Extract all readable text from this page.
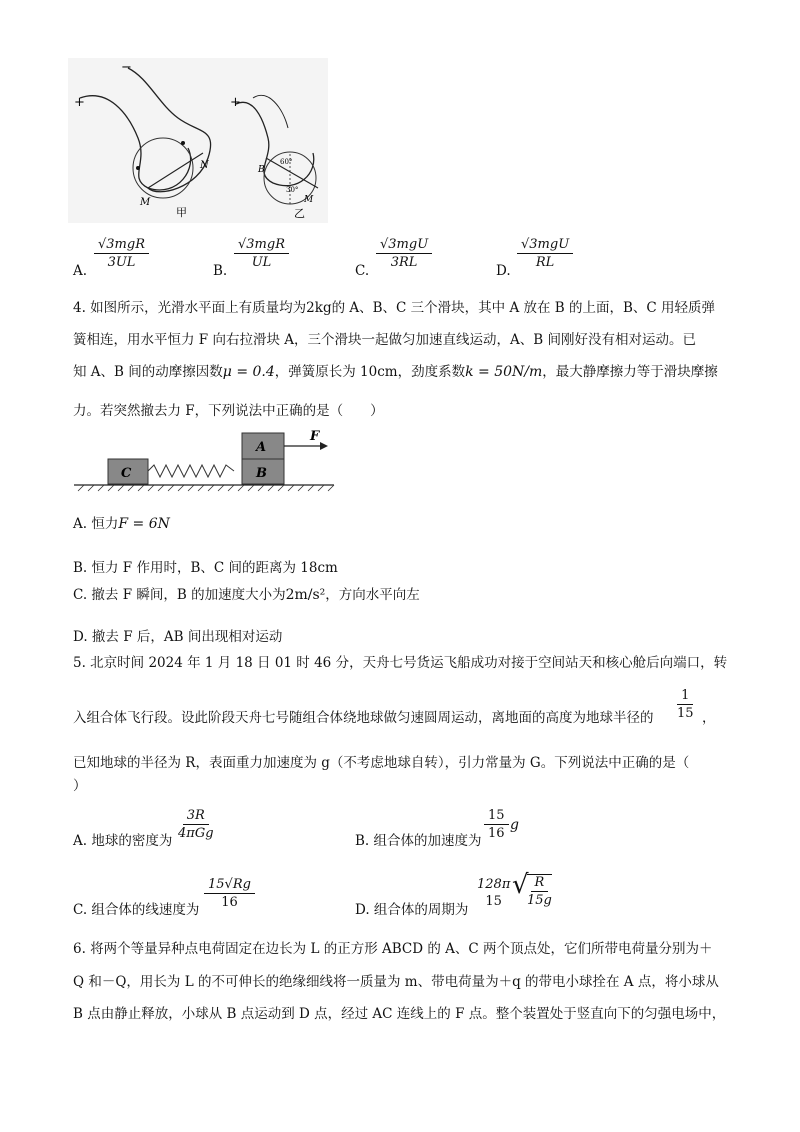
+
−
N
M
甲
+
B
60°
30°
M
乙
A.
√3mgR
3UL
B.
√3mgR
UL
C.
√3mgU
3RL
D.
√3mgU
RL
4. 如图所示，光滑水平面上有质量均为2kg的 A、B、C 三个滑块，其中 A 放在 B 的上面，B、C 用轻质弹
簧相连，用水平恒力 F 向右拉滑块 A，三个滑块一起做匀加速直线运动，A、B 间刚好没有相对运动。已
知 A、B 间的动摩擦因数μ = 0.4，弹簧原长为 10cm，劲度系数k = 50N/m，最大静摩擦力等于滑块摩擦
力。若突然撤去力 F，下列说法中正确的是（　　）
C
A
B
F
A. 恒力F = 6N
B. 恒力 F 作用时，B、C 间的距离为 18cm
C. 撤去 F 瞬间，B 的加速度大小为2m/s²，方向水平向左
D. 撤去 F 后，AB 间出现相对运动
5. 北京时间 2024 年 1 月 18 日 01 时 46 分，天舟七号货运飞船成功对接于空间站天和核心舱后向端口，转
入组合体飞行段。设此阶段天舟七号随组合体绕地球做匀速圆周运动，离地面的高度为地球半径的 $\frac{1}{15}$ ，
已知地球的半径为 R，表面重力加速度为 g（不考虑地球自转），引力常量为 G。下列说法中正确的是（
）
A. 地球的密度为
3R
4πGg	B. 组合体的加速度为 $\frac{15}{16}$ g
C. 组合体的线速度为 $\frac{15√Rg}{16}$	D. 组合体的周期为
128π
15
√
$\frac{R}{15g}$
6. 将两个等量异种点电荷固定在边长为 L 的正方形 ABCD 的 A、C 两个顶点处，它们所带电荷量分别为＋
Q 和－Q，用长为 L 的不可伸长的绝缘细线将一质量为 m、带电荷量为＋q 的带电小球拴在 A 点，将小球从
B 点由静止释放，小球从 B 点运动到 D 点，经过 AC 连线上的 F 点。整个装置处于竖直向下的匀强电场中，
